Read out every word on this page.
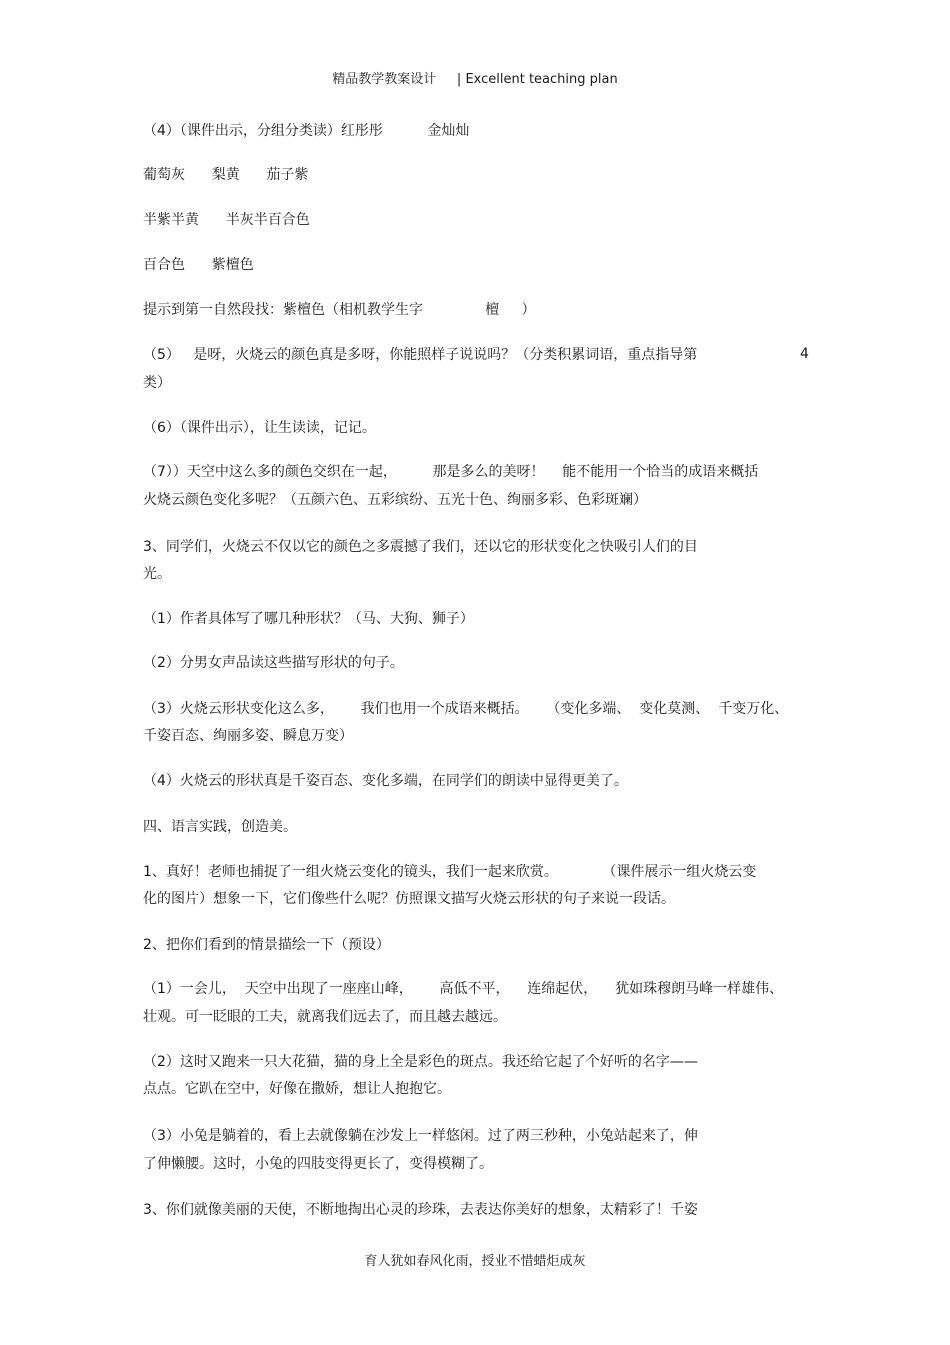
精品教学教案设计     | Excellent teaching plan
（4）（课件出示，分组分类读）红彤彤          金灿灿
葡萄灰      梨黄      茄子紫
半紫半黄      半灰半百合色
百合色      紫檀色
提示到第一自然段找：紫檀色（相机教学生字              檀     ）
（5）   是呀，火烧云的颜色真是多呀，你能照样子说说吗？（分类积累词语，重点指导第	4
类）
（6）（课件出示），让生读读，记记。
（7））天空中这么多的颜色交织在一起，        那是多么的美呀！    能不能用一个恰当的成语来概括
火烧云颜色变化多呢？（五颜六色、五彩缤纷、五光十色、绚丽多彩、色彩斑斓）
3、同学们，火烧云不仅以它的颜色之多震撼了我们，还以它的形状变化之快吸引人们的目
光。
（1）作者具体写了哪几种形状？（马、大狗、狮子）
（2）分男女声品读这些描写形状的句子。
（3）火烧云形状变化这么多，      我们也用一个成语来概括。    （变化多端、  变化莫测、  千变万化、
千姿百态、绚丽多姿、瞬息万变）
（4）火烧云的形状真是千姿百态、变化多端，在同学们的朗读中显得更美了。
四、语言实践，创造美。
1、真好！老师也捕捉了一组火烧云变化的镜头，我们一起来欣赏。          （课件展示一组火烧云变
化的图片）想象一下，它们像些什么呢？仿照课文描写火烧云形状的句子来说一段话。
2、把你们看到的情景描绘一下（预设）
（1）一会儿，  天空中出现了一座座山峰，      高低不平，    连绵起伏，    犹如珠穆朗马峰一样雄伟、
壮观。可一眨眼的工夫，就离我们远去了，而且越去越远。
（2）这时又跑来一只大花猫，猫的身上全是彩色的斑点。我还给它起了个好听的名字——
点点。它趴在空中，好像在撒娇，想让人抱抱它。
（3）小兔是躺着的，看上去就像躺在沙发上一样悠闲。过了两三秒种，小兔站起来了，伸
了伸懒腰。这时，小兔的四肢变得更长了，变得模糊了。
3、你们就像美丽的天使，不断地掏出心灵的珍珠，去表达你美好的想象，太精彩了！千姿
育人犹如春风化雨，授业不惜蜡炬成灰
